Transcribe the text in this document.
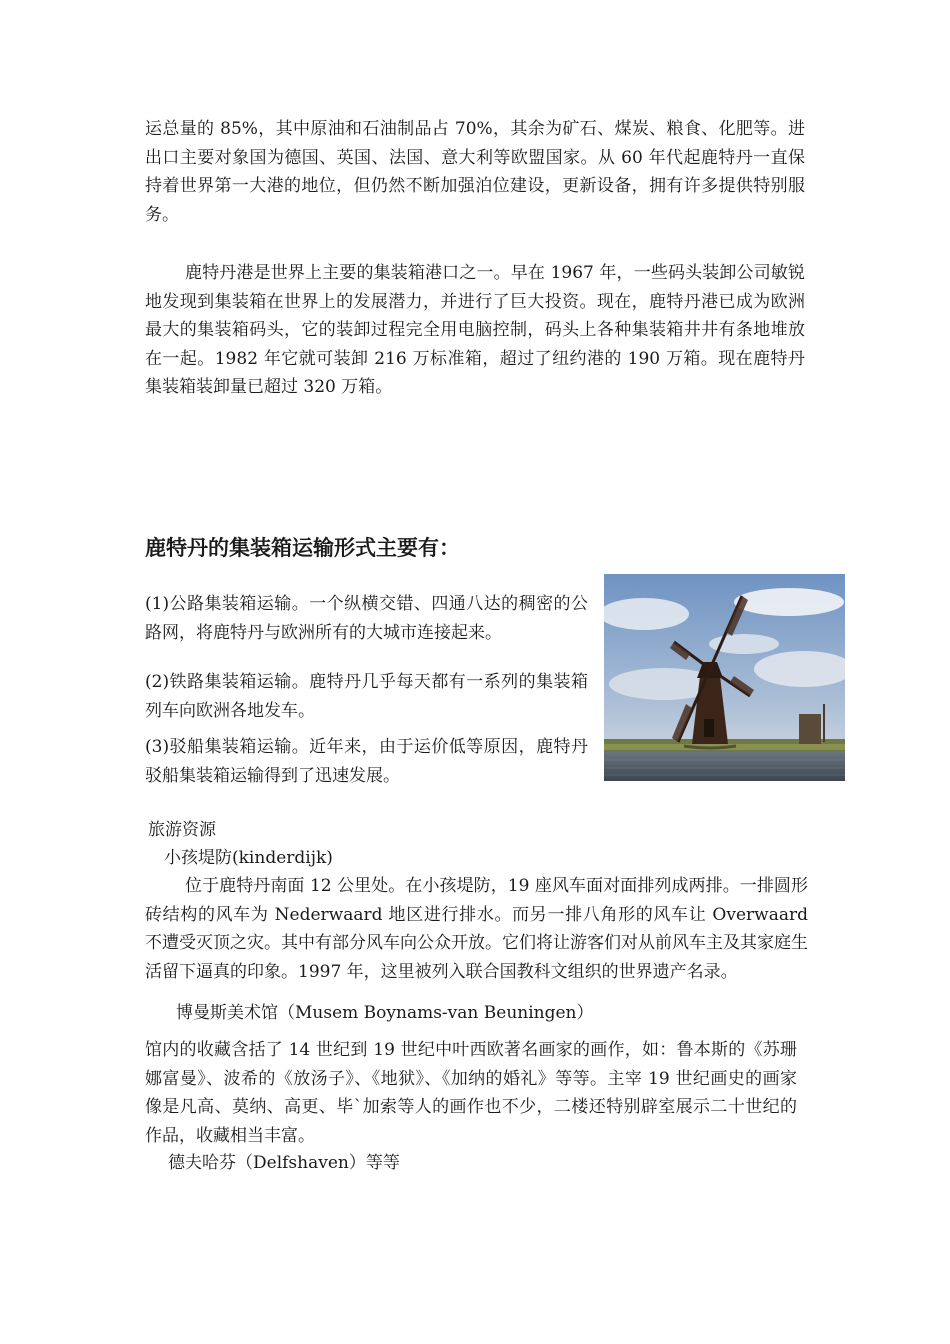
运总量的 85%，其中原油和石油制品占 70%，其余为矿石、煤炭、粮食、化肥等。进出口主要对象国为德国、英国、法国、意大利等欧盟国家。从 60 年代起鹿特丹一直保持着世界第一大港的地位，但仍然不断加强泊位建设，更新设备，拥有许多提供特别服务。

鹿特丹港是世界上主要的集装箱港口之一。早在 1967 年，一些码头装卸公司敏锐地发现到集装箱在世界上的发展潜力，并进行了巨大投资。现在，鹿特丹港已成为欧洲最大的集装箱码头，它的装卸过程完全用电脑控制，码头上各种集装箱井井有条地堆放在一起。1982 年它就可装卸 216 万标准箱，超过了纽约港的 190 万箱。现在鹿特丹集装箱装卸量已超过 320 万箱。

鹿特丹的集装箱运输形式主要有：

(1)公路集装箱运输。一个纵横交错、四通八达的稠密的公路网，将鹿特丹与欧洲所有的大城市连接起来。

(2)铁路集装箱运输。鹿特丹几乎每天都有一系列的集装箱列车向欧洲各地发车。

(3)驳船集装箱运输。近年来，由于运价低等原因，鹿特丹驳船集装箱运输得到了迅速发展。

旅游资源

小孩堤防(kinderdijk)

位于鹿特丹南面 12 公里处。在小孩堤防，19 座风车面对面排列成两排。一排圆形砖结构的风车为 Nederwaard 地区进行排水。而另一排八角形的风车让 Overwaard 不遭受灭顶之灾。其中有部分风车向公众开放。它们将让游客们对从前风车主及其家庭生活留下逼真的印象。1997 年，这里被列入联合国教科文组织的世界遗产名录。

博曼斯美术馆（Musem Boynams-van Beuningen）

馆内的收藏含括了 14 世纪到 19 世纪中叶西欧著名画家的画作，如：鲁本斯的《苏珊娜富曼》、波希的《放汤子》、《地狱》、《加纳的婚礼》等等。主宰 19 世纪画史的画家像是凡高、莫纳、高更、毕`加索等人的画作也不少，二楼还特别辟室展示二十世纪的作品，收藏相当丰富。

德夫哈芬（Delfshaven）等等
